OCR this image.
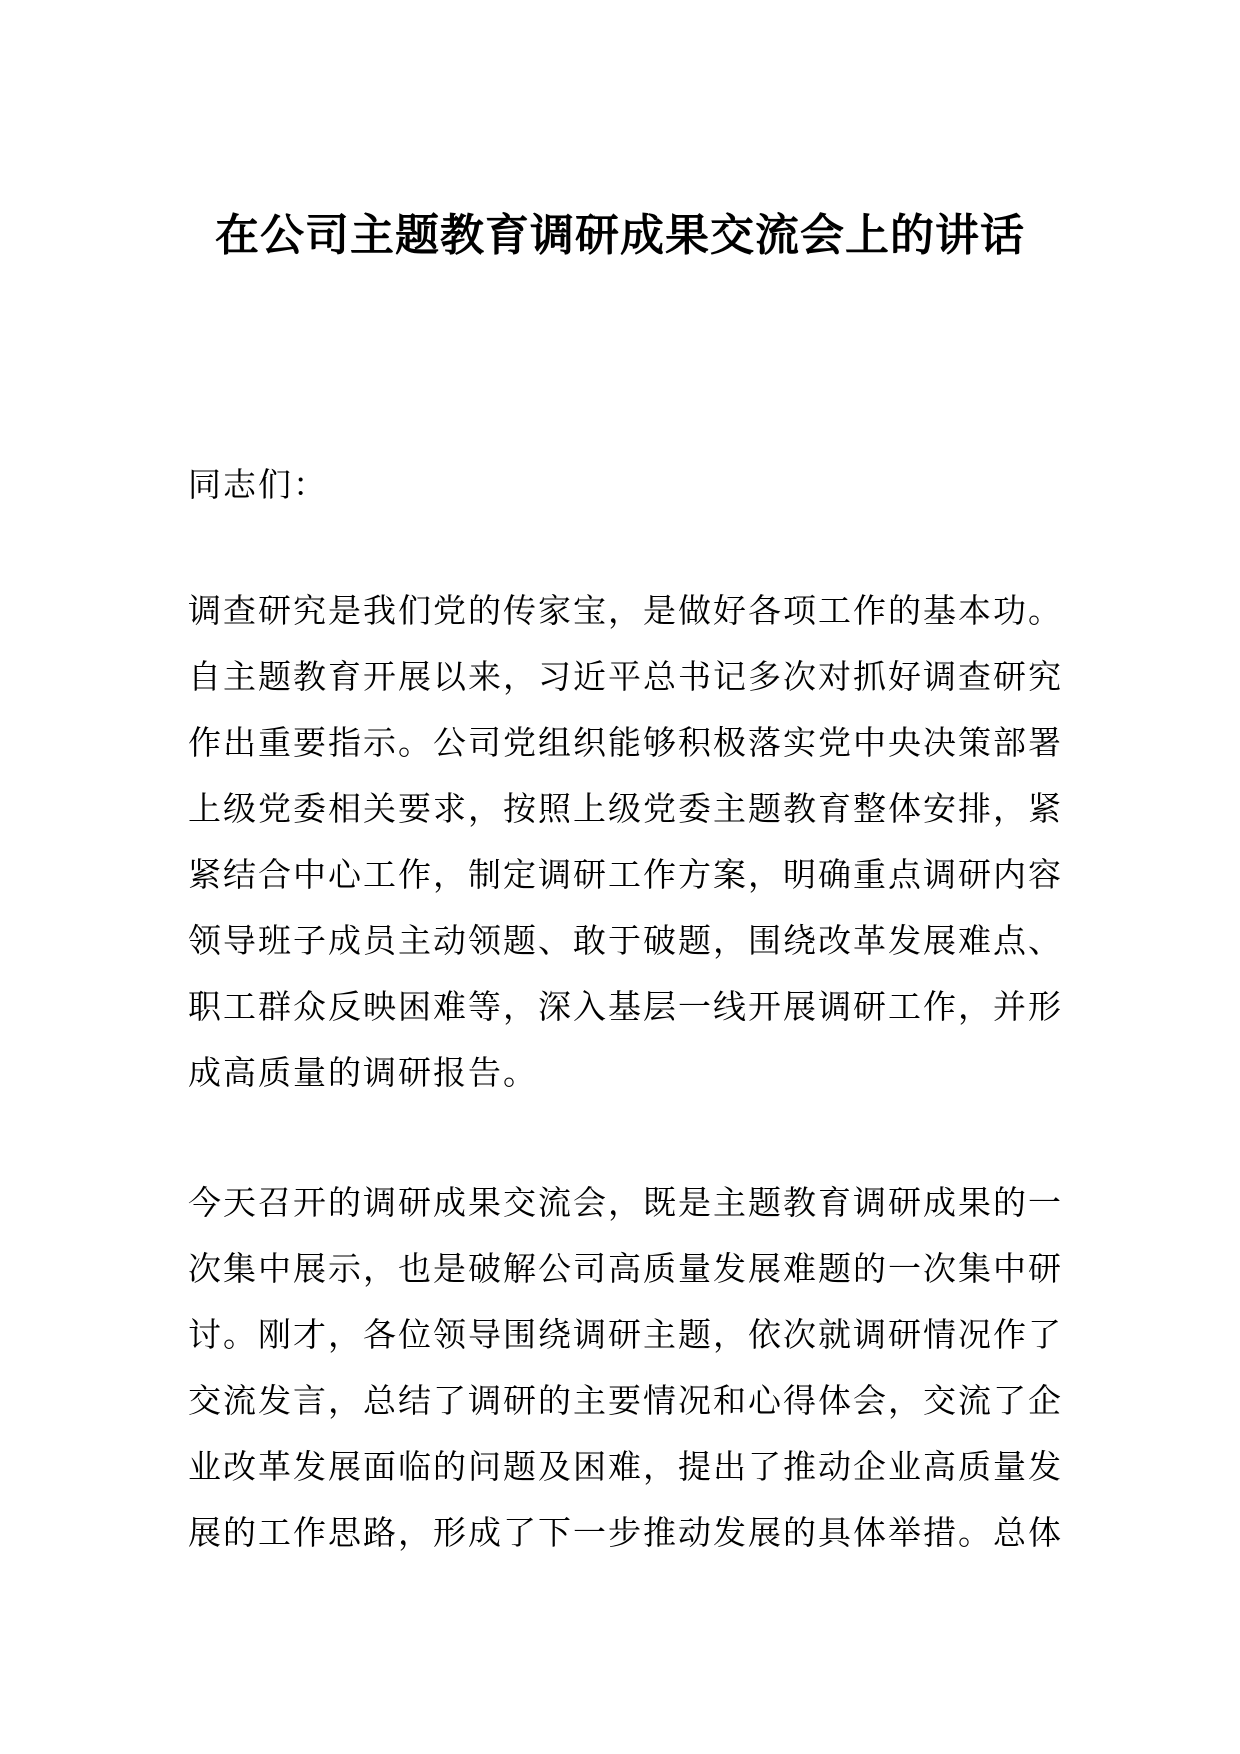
在公司主题教育调研成果交流会上的讲话

同志们：

调查研究是我们党的传家宝，是做好各项工作的基本功。
自主题教育开展以来，习近平总书记多次对抓好调查研究
作出重要指示。公司党组织能够积极落实党中央决策部署
上级党委相关要求，按照上级党委主题教育整体安排，紧
紧结合中心工作，制定调研工作方案，明确重点调研内容
领导班子成员主动领题、敢于破题，围绕改革发展难点、
职工群众反映困难等，深入基层一线开展调研工作，并形
成高质量的调研报告。
今天召开的调研成果交流会，既是主题教育调研成果的一
次集中展示，也是破解公司高质量发展难题的一次集中研
讨。刚才，各位领导围绕调研主题，依次就调研情况作了
交流发言，总结了调研的主要情况和心得体会，交流了企
业改革发展面临的问题及困难，提出了推动企业高质量发
展的工作思路，形成了下一步推动发展的具体举措。总体
